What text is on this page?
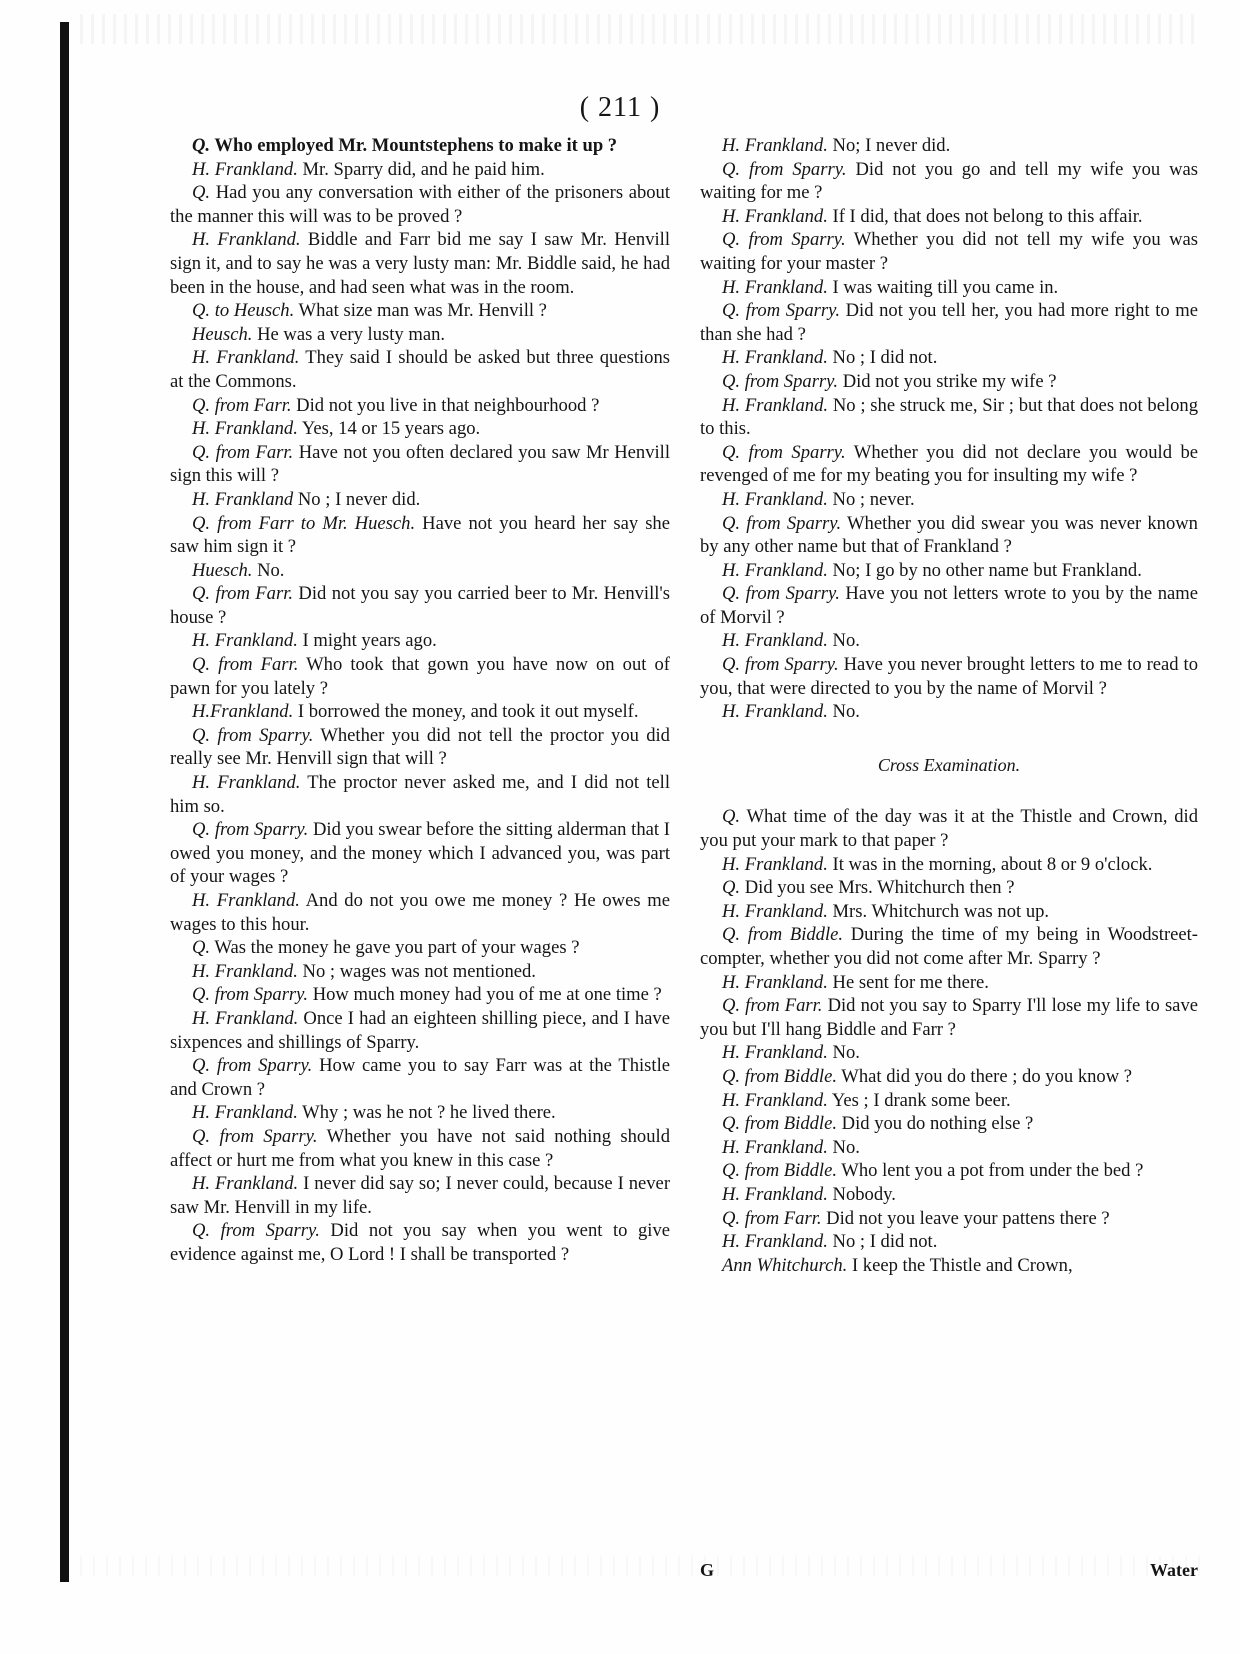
( 211 )

Q. Who employed Mr. Mountstephens to make it up ?

H. Frankland. Mr. Sparry did, and he paid him.

Q. Had you any conversation with either of the prisoners about the manner this will was to be proved ?

H. Frankland. Biddle and Farr bid me say I saw Mr. Henvill sign it, and to say he was a very lusty man: Mr. Biddle said, he had been in the house, and had seen what was in the room.

Q. to Heusch. What size man was Mr. Henvill ?

Heusch. He was a very lusty man.

H. Frankland. They said I should be asked but three questions at the Commons.

Q. from Farr. Did not you live in that neighbourhood ?

H. Frankland. Yes, 14 or 15 years ago.

Q. from Farr. Have not you often declared you saw Mr Henvill sign this will ?

H. Frankland No ; I never did.

Q. from Farr to Mr. Huesch. Have not you heard her say she saw him sign it ?

Huesch. No.

Q. from Farr. Did not you say you carried beer to Mr. Henvill's house ?

H. Frankland. I might years ago.

Q. from Farr. Who took that gown you have now on out of pawn for you lately ?

H.Frankland. I borrowed the money, and took it out myself.

Q. from Sparry. Whether you did not tell the proctor you did really see Mr. Henvill sign that will ?

H. Frankland. The proctor never asked me, and I did not tell him so.

Q. from Sparry. Did you swear before the sitting alderman that I owed you money, and the money which I advanced you, was part of your wages ?

H. Frankland. And do not you owe me money ? He owes me wages to this hour.

Q. Was the money he gave you part of your wages ?

H. Frankland. No ; wages was not mentioned.

Q. from Sparry. How much money had you of me at one time ?

H. Frankland. Once I had an eighteen shilling piece, and I have sixpences and shillings of Sparry.

Q. from Sparry. How came you to say Farr was at the Thistle and Crown ?

H. Frankland. Why ; was he not ? he lived there.

Q. from Sparry. Whether you have not said nothing should affect or hurt me from what you knew in this case ?

H. Frankland. I never did say so; I never could, because I never saw Mr. Henvill in my life.

Q. from Sparry. Did not you say when you went to give evidence against me, O Lord ! I shall be transported ?

H. Frankland. No; I never did.

Q. from Sparry. Did not you go and tell my wife you was waiting for me ?

H. Frankland. If I did, that does not belong to this affair.

Q. from Sparry. Whether you did not tell my wife you was waiting for your master ?

H. Frankland. I was waiting till you came in.

Q. from Sparry. Did not you tell her, you had more right to me than she had ?

H. Frankland. No ; I did not.

Q. from Sparry. Did not you strike my wife ?

H. Frankland. No ; she struck me, Sir ; but that does not belong to this.

Q. from Sparry. Whether you did not declare you would be revenged of me for my beating you for insulting my wife ?

H. Frankland. No ; never.

Q. from Sparry. Whether you did swear you was never known by any other name but that of Frankland ?

H. Frankland. No; I go by no other name but Frankland.

Q. from Sparry. Have you not letters wrote to you by the name of Morvil ?

H. Frankland. No.

Q. from Sparry. Have you never brought letters to me to read to you, that were directed to you by the name of Morvil ?

H. Frankland. No.

Cross Examination.

Q. What time of the day was it at the Thistle and Crown, did you put your mark to that paper ?

H. Frankland. It was in the morning, about 8 or 9 o'clock.

Q. Did you see Mrs. Whitchurch then ?

H. Frankland. Mrs. Whitchurch was not up.

Q. from Biddle. During the time of my being in Woodstreet-compter, whether you did not come after Mr. Sparry ?

H. Frankland. He sent for me there.

Q. from Farr. Did not you say to Sparry I'll lose my life to save you but I'll hang Biddle and Farr ?

H. Frankland. No.

Q. from Biddle. What did you do there ; do you know ?

H. Frankland. Yes ; I drank some beer.

Q. from Biddle. Did you do nothing else ?

H. Frankland. No.

Q. from Biddle. Who lent you a pot from under the bed ?

H. Frankland. Nobody.

Q. from Farr. Did not you leave your pattens there ?

H. Frankland. No ; I did not.

Ann Whitchurch. I keep the Thistle and Crown,

G	Water
